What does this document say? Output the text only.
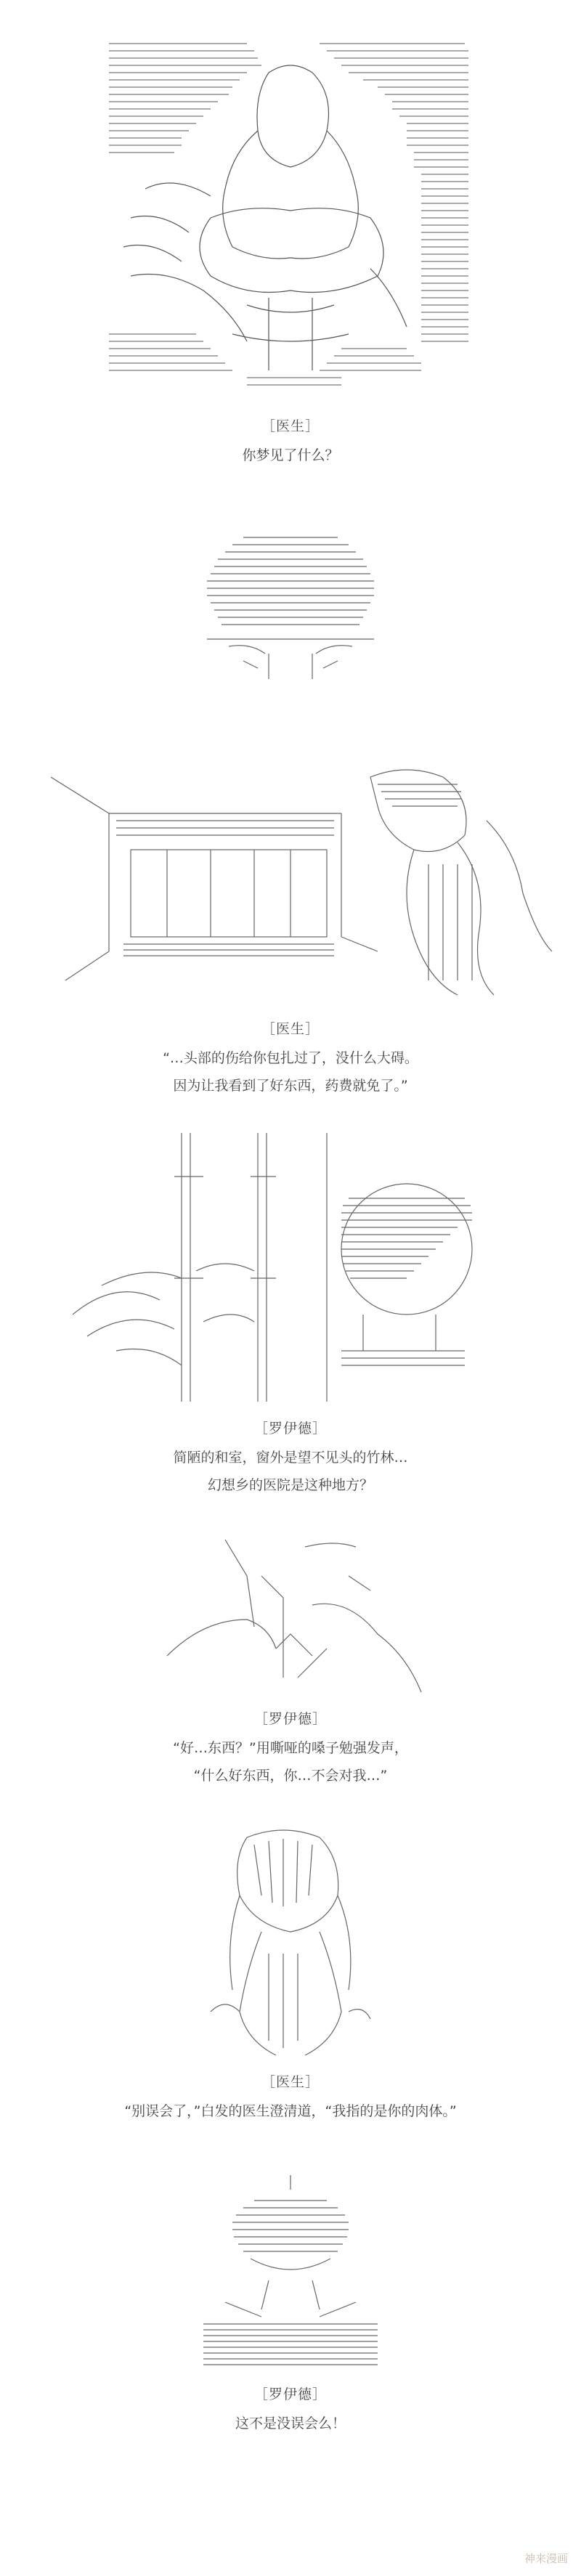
［医生］
你梦见了什么？
［医生］
“…头部的伤给你包扎过了，没什么大碍。
因为让我看到了好东西，药费就免了。”
［罗伊德］
简陋的和室，窗外是望不见头的竹林…
幻想乡的医院是这种地方？
［罗伊德］
“好…东西？”用嘶哑的嗓子勉强发声，
“什么好东西，你…不会对我…”
［医生］
“别误会了，”白发的医生澄清道，“我指的是你的肉体。”
［罗伊德］
这不是没误会么！
神来漫画
